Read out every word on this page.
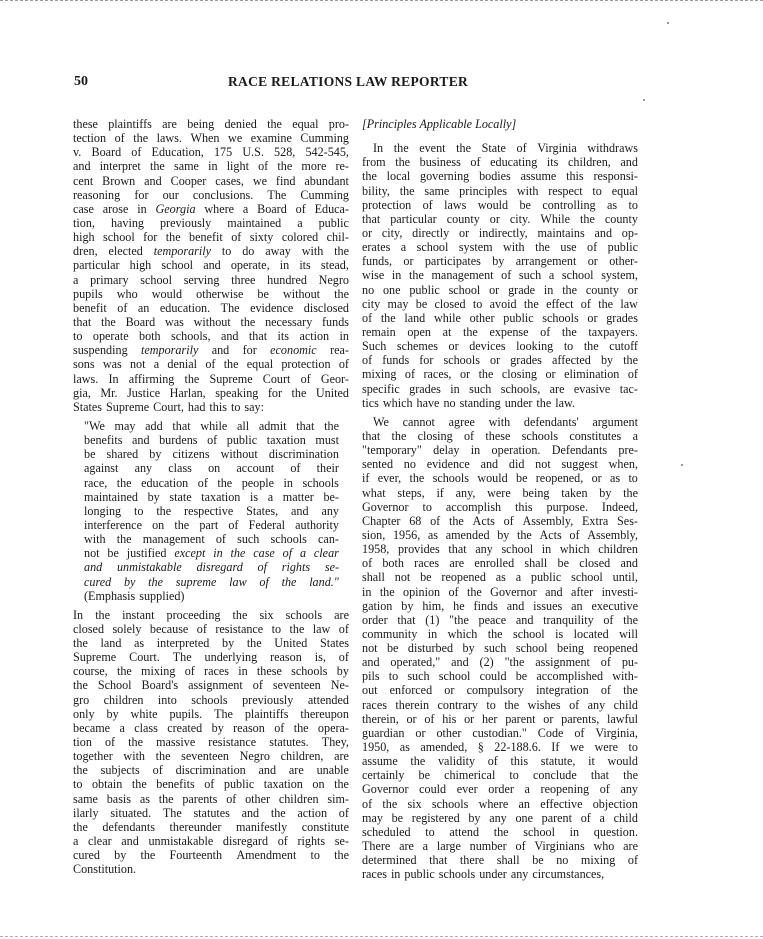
50	RACE RELATIONS LAW REPORTER
these plaintiffs are being denied the equal pro-
tection of the laws. When we examine Cumming
v. Board of Education, 175 U.S. 528, 542-545,
and interpret the same in light of the more re-
cent Brown and Cooper cases, we find abundant
reasoning for our conclusions. The Cumming
case arose in Georgia where a Board of Educa-
tion, having previously maintained a public
high school for the benefit of sixty colored chil-
dren, elected temporarily to do away with the
particular high school and operate, in its stead,
a primary school serving three hundred Negro
pupils who would otherwise be without the
benefit of an education. The evidence disclosed
that the Board was without the necessary funds
to operate both schools, and that its action in
suspending temporarily and for economic rea-
sons was not a denial of the equal protection of
laws. In affirming the Supreme Court of Geor-
gia, Mr. Justice Harlan, speaking for the United
States Supreme Court, had this to say:
"We may add that while all admit that the
benefits and burdens of public taxation must
be shared by citizens without discrimination
against any class on account of their
race, the education of the people in schools
maintained by state taxation is a matter be-
longing to the respective States, and any
interference on the part of Federal authority
with the management of such schools can-
not be justified except in the case of a clear
and unmistakable disregard of rights se-
cured by the supreme law of the land."
(Emphasis supplied)
In the instant proceeding the six schools are
closed solely because of resistance to the law of
the land as interpreted by the United States
Supreme Court. The underlying reason is, of
course, the mixing of races in these schools by
the School Board's assignment of seventeen Ne-
gro children into schools previously attended
only by white pupils. The plaintiffs thereupon
became a class created by reason of the opera-
tion of the massive resistance statutes. They,
together with the seventeen Negro children, are
the subjects of discrimination and are unable
to obtain the benefits of public taxation on the
same basis as the parents of other children sim-
ilarly situated. The statutes and the action of
the defendants thereunder manifestly constitute
a clear and unmistakable disregard of rights se-
cured by the Fourteenth Amendment to the
Constitution.
[Principles Applicable Locally]
In the event the State of Virginia withdraws
from the business of educating its children, and
the local governing bodies assume this responsi-
bility, the same principles with respect to equal
protection of laws would be controlling as to
that particular county or city. While the county
or city, directly or indirectly, maintains and op-
erates a school system with the use of public
funds, or participates by arrangement or other-
wise in the management of such a school system,
no one public school or grade in the county or
city may be closed to avoid the effect of the law
of the land while other public schools or grades
remain open at the expense of the taxpayers.
Such schemes or devices looking to the cutoff
of funds for schools or grades affected by the
mixing of races, or the closing or elimination of
specific grades in such schools, are evasive tac-
tics which have no standing under the law.
We cannot agree with defendants' argument
that the closing of these schools constitutes a
"temporary" delay in operation. Defendants pre-
sented no evidence and did not suggest when,
if ever, the schools would be reopened, or as to
what steps, if any, were being taken by the
Governor to accomplish this purpose. Indeed,
Chapter 68 of the Acts of Assembly, Extra Ses-
sion, 1956, as amended by the Acts of Assembly,
1958, provides that any school in which children
of both races are enrolled shall be closed and
shall not be reopened as a public school until,
in the opinion of the Governor and after investi-
gation by him, he finds and issues an executive
order that (1) "the peace and tranquility of the
community in which the school is located will
not be disturbed by such school being reopened
and operated," and (2) "the assignment of pu-
pils to such school could be accomplished with-
out enforced or compulsory integration of the
races therein contrary to the wishes of any child
therein, or of his or her parent or parents, lawful
guardian or other custodian." Code of Virginia,
1950, as amended, § 22-188.6. If we were to
assume the validity of this statute, it would
certainly be chimerical to conclude that the
Governor could ever order a reopening of any
of the six schools where an effective objection
may be registered by any one parent of a child
scheduled to attend the school in question.
There are a large number of Virginians who are
determined that there shall be no mixing of
races in public schools under any circumstances,
